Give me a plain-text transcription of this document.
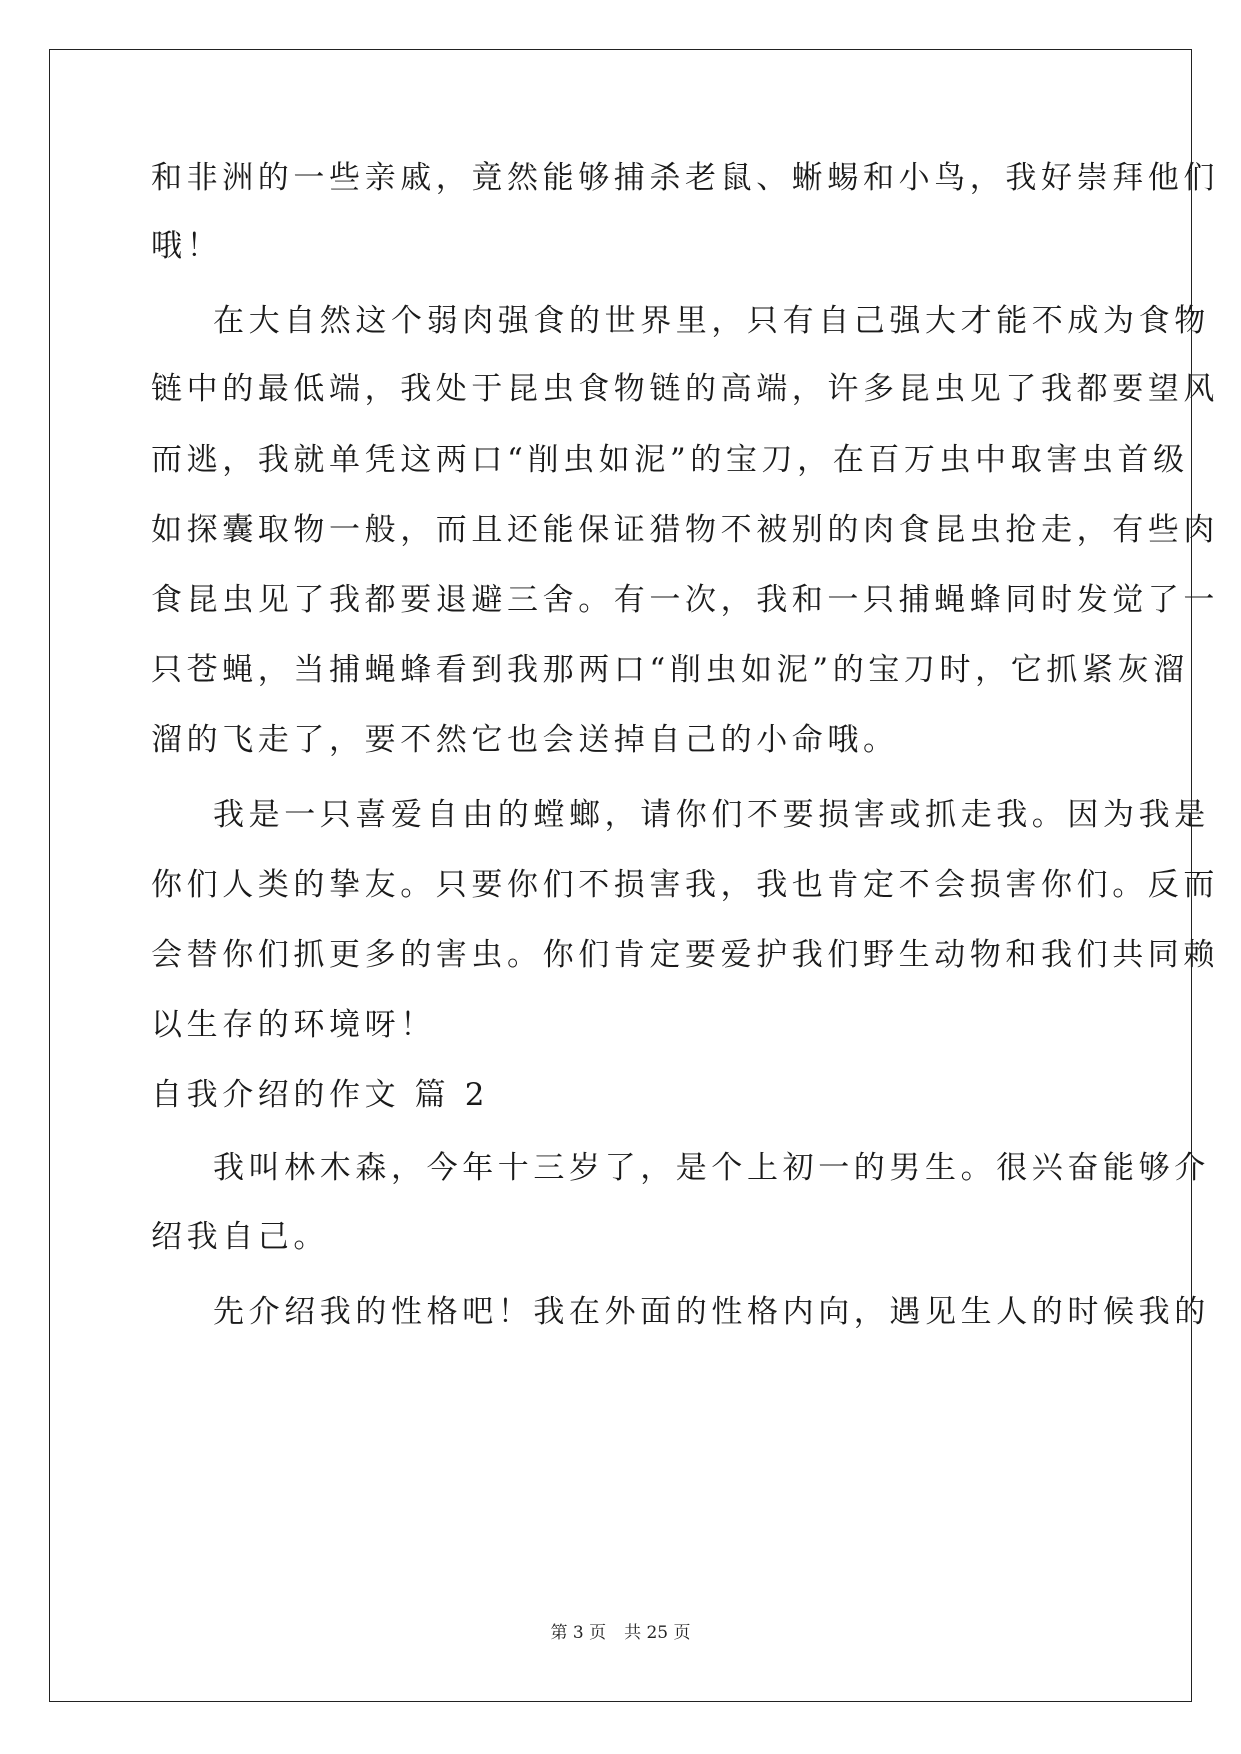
和非洲的一些亲戚，竟然能够捕杀老鼠、蜥蜴和小鸟，我好崇拜他们
哦！
在大自然这个弱肉强食的世界里，只有自己强大才能不成为食物
链中的最低端，我处于昆虫食物链的高端，许多昆虫见了我都要望风
而逃，我就单凭这两口“削虫如泥”的宝刀，在百万虫中取害虫首级
如探囊取物一般，而且还能保证猎物不被别的肉食昆虫抢走，有些肉
食昆虫见了我都要退避三舍。有一次，我和一只捕蝇蜂同时发觉了一
只苍蝇，当捕蝇蜂看到我那两口“削虫如泥”的宝刀时，它抓紧灰溜
溜的飞走了，要不然它也会送掉自己的小命哦。
我是一只喜爱自由的螳螂，请你们不要损害或抓走我。因为我是
你们人类的挚友。只要你们不损害我，我也肯定不会损害你们。反而
会替你们抓更多的害虫。你们肯定要爱护我们野生动物和我们共同赖
以生存的环境呀！
自我介绍的作文 篇 2
我叫林木森，今年十三岁了，是个上初一的男生。很兴奋能够介
绍我自己。
先介绍我的性格吧！我在外面的性格内向，遇见生人的时候我的
第 3 页 共 25 页
